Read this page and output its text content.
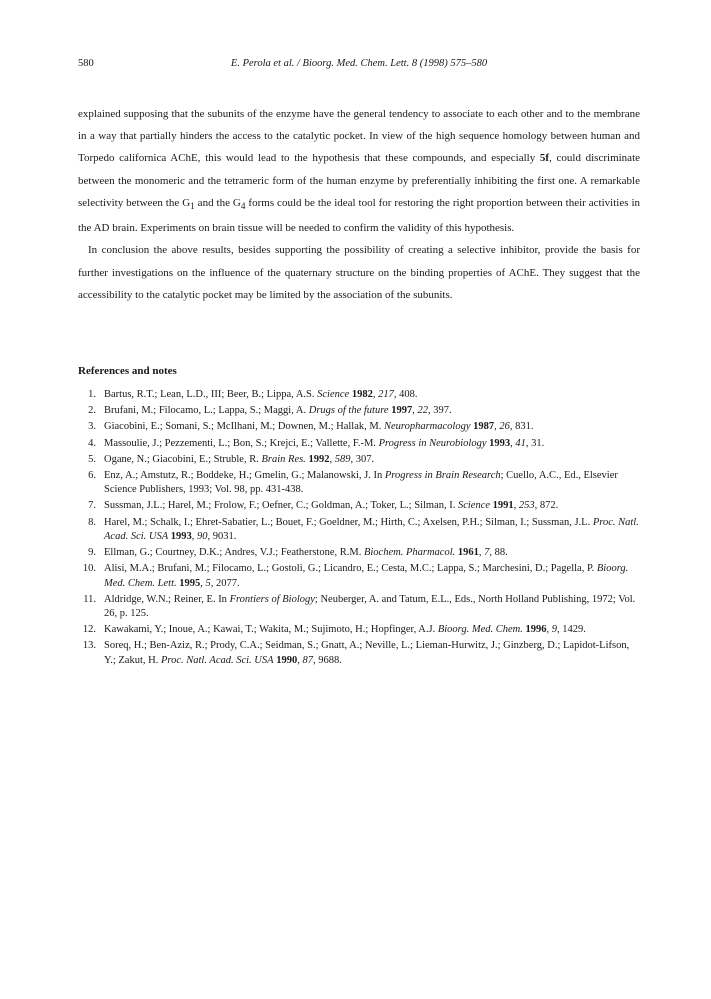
580	E. Perola et al. / Bioorg. Med. Chem. Lett. 8 (1998) 575–580

explained supposing that the subunits of the enzyme have the general tendency to associate to each other and to the membrane in a way that partially hinders the access to the catalytic pocket. In view of the high sequence homology between human and Torpedo californica AChE, this would lead to the hypothesis that these compounds, and especially 5f, could discriminate between the monomeric and the tetrameric form of the human enzyme by preferentially inhibiting the first one. A remarkable selectivity between the $G_1$ and the $G_4$ forms could be the ideal tool for restoring the right proportion between their activities in the AD brain. Experiments on brain tissue will be needed to confirm the validity of this hypothesis.

In conclusion the above results, besides supporting the possibility of creating a selective inhibitor, provide the basis for further investigations on the influence of the quaternary structure on the binding properties of AChE. They suggest that the accessibility to the catalytic pocket may be limited by the association of the subunits.

References and notes
1. Bartus, R.T.; Lean, L.D., III; Beer, B.; Lippa, A.S. Science 1982, 217, 408.
2. Brufani, M.; Filocamo, L.; Lappa, S.; Maggi, A. Drugs of the future 1997, 22, 397.
3. Giacobini, E.; Somani, S.; McIlhani, M.; Downen, M.; Hallak, M. Neuropharmacology 1987, 26, 831.
4. Massoulie, J.; Pezzementi, L.; Bon, S.; Krejci, E.; Vallette, F.-M. Progress in Neurobiology 1993, 41, 31.
5. Ogane, N.; Giacobini, E.; Struble, R. Brain Res. 1992, 589, 307.
6. Enz, A.; Amstutz, R.; Boddeke, H.; Gmelin, G.; Malanowski, J. In Progress in Brain Research; Cuello, A.C., Ed., Elsevier Science Publishers, 1993; Vol. 98, pp. 431-438.
7. Sussman, J.L.; Harel, M.; Frolow, F.; Oefner, C.; Goldman, A.; Toker, L.; Silman, I. Science 1991, 253, 872.
8. Harel, M.; Schalk, I.; Ehret-Sabatier, L.; Bouet, F.; Goeldner, M.; Hirth, C.; Axelsen, P.H.; Silman, I.; Sussman, J.L. Proc. Natl. Acad. Sci. USA 1993, 90, 9031.
9. Ellman, G.; Courtney, D.K.; Andres, V.J.; Featherstone, R.M. Biochem. Pharmacol. 1961, 7, 88.
10. Alisi, M.A.; Brufani, M.; Filocamo, L.; Gostoli, G.; Licandro, E.; Cesta, M.C.; Lappa, S.; Marchesini, D.; Pagella, P. Bioorg. Med. Chem. Lett. 1995, 5, 2077.
11. Aldridge, W.N.; Reiner, E. In Frontiers of Biology; Neuberger, A. and Tatum, E.L., Eds., North Holland Publishing, 1972; Vol. 26, p. 125.
12. Kawakami, Y.; Inoue, A.; Kawai, T.; Wakita, M.; Sujimoto, H.; Hopfinger, A.J. Bioorg. Med. Chem. 1996, 9, 1429.
13. Soreq, H.; Ben-Aziz, R.; Prody, C.A.; Seidman, S.; Gnatt, A.; Neville, L.; Lieman-Hurwitz, J.; Ginzberg, D.; Lapidot-Lifson, Y.; Zakut, H. Proc. Natl. Acad. Sci. USA 1990, 87, 9688.
